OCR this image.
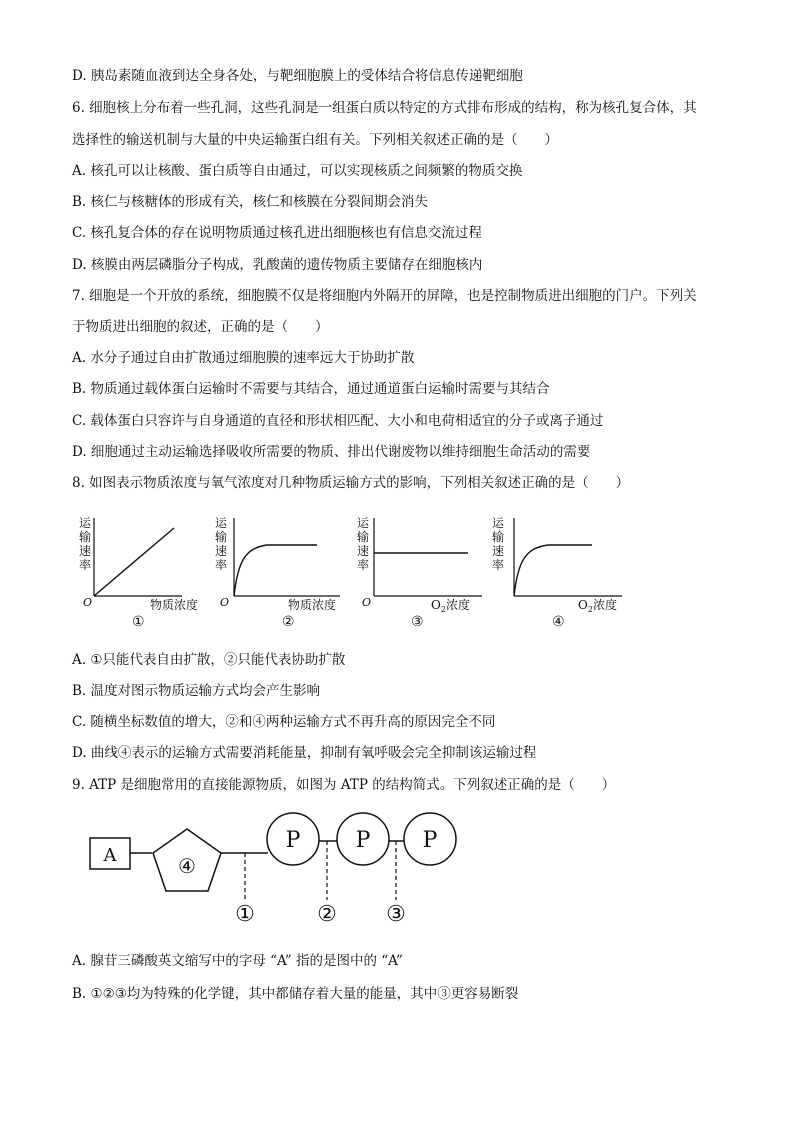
D. 胰岛素随血液到达全身各处，与靶细胞膜上的受体结合将信息传递靶细胞
6. 细胞核上分布着一些孔洞，这些孔洞是一组蛋白质以特定的方式排布形成的结构，称为核孔复合体，其
选择性的输送机制与大量的中央运输蛋白组有关。下列相关叙述正确的是（　　）
A. 核孔可以让核酸、蛋白质等自由通过，可以实现核质之间频繁的物质交换
B. 核仁与核糖体的形成有关，核仁和核膜在分裂间期会消失
C. 核孔复合体的存在说明物质通过核孔进出细胞核也有信息交流过程
D. 核膜由两层磷脂分子构成，乳酸菌的遗传物质主要储存在细胞核内
7. 细胞是一个开放的系统，细胞膜不仅是将细胞内外隔开的屏障，也是控制物质进出细胞的门户。下列关
于物质进出细胞的叙述，正确的是（　　）
A. 水分子通过自由扩散通过细胞膜的速率远大于协助扩散
B. 物质通过载体蛋白运输时不需要与其结合，通过通道蛋白运输时需要与其结合
C. 载体蛋白只容许与自身通道的直径和形状相匹配、大小和电荷相适宜的分子或离子通过
D. 细胞通过主动运输选择吸收所需要的物质、排出代谢废物以维持细胞生命活动的需要
8. 如图表示物质浓度与氧气浓度对几种物质运输方式的影响，下列相关叙述正确的是（　　）
运
输
速
率
O	物质浓度
①
运
输
速
率
O	物质浓度
②
运
输
速
率
O	$O_2$浓度
③
运
输
速
率
$O_2$浓度
④
A. ①只能代表自由扩散，②只能代表协助扩散
B. 温度对图示物质运输方式均会产生影响
C. 随横坐标数值的增大，②和④两种运输方式不再升高的原因完全不同
D. 曲线④表示的运输方式需要消耗能量，抑制有氧呼吸会完全抑制该运输过程
9. ATP 是细胞常用的直接能源物质，如图为 ATP 的结构简式。下列叙述正确的是（　　）
A	④
P	P P
①	② ③
A. 腺苷三磷酸英文缩写中的字母 “A” 指的是图中的 “A”
B. ①②③均为特殊的化学键，其中都储存着大量的能量，其中③更容易断裂
